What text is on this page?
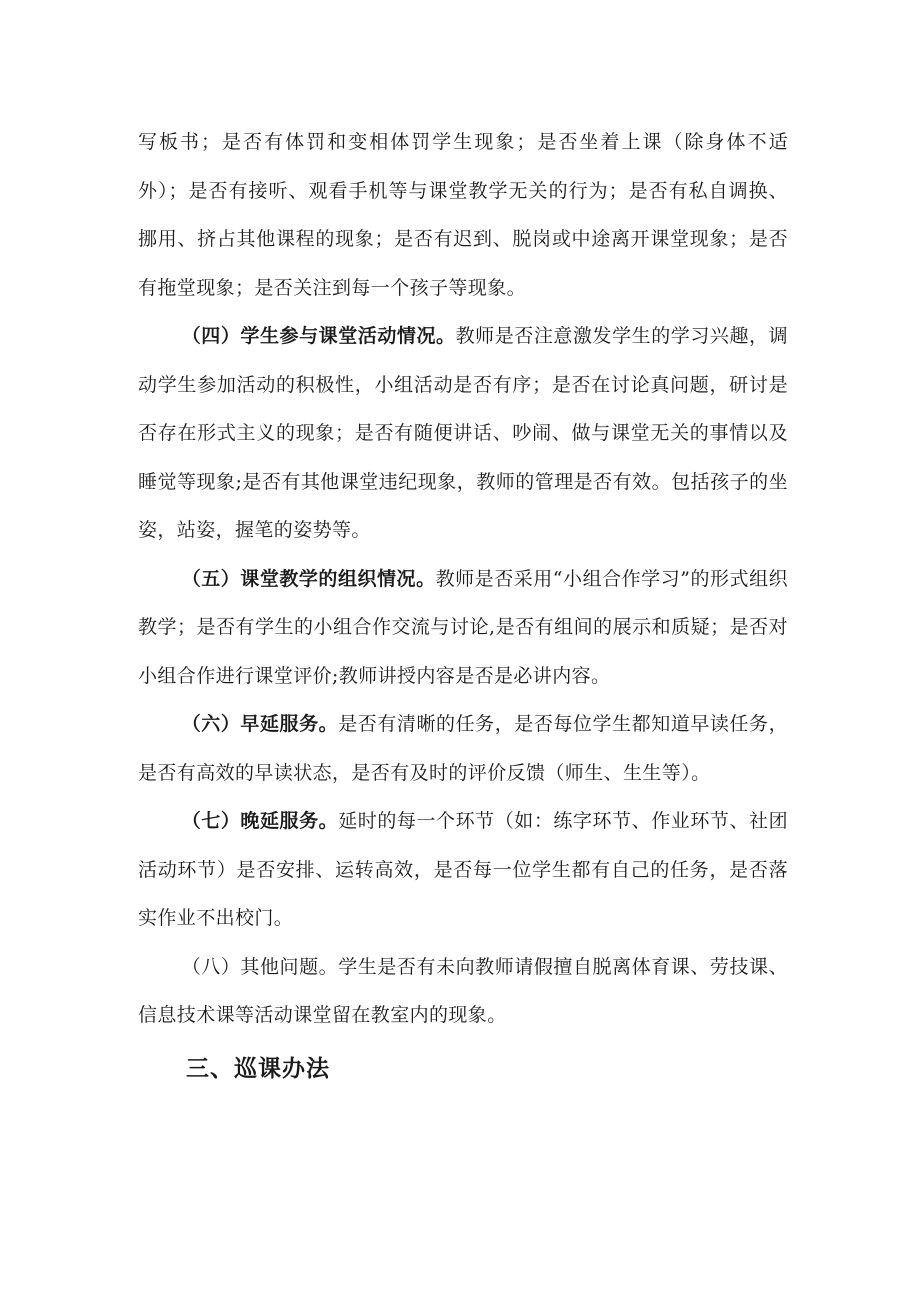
写板书；是否有体罚和变相体罚学生现象；是否坐着上课（除身体不适外）；是否有接听、观看手机等与课堂教学无关的行为；是否有私自调换、挪用、挤占其他课程的现象；是否有迟到、脱岗或中途离开课堂现象；是否有拖堂现象；是否关注到每一个孩子等现象。

（四）学生参与课堂活动情况。教师是否注意激发学生的学习兴趣，调动学生参加活动的积极性，小组活动是否有序；是否在讨论真问题，研讨是否存在形式主义的现象；是否有随便讲话、吵闹、做与课堂无关的事情以及睡觉等现象;是否有其他课堂违纪现象，教师的管理是否有效。包括孩子的坐姿，站姿，握笔的姿势等。

（五）课堂教学的组织情况。教师是否采用“小组合作学习”的形式组织教学；是否有学生的小组合作交流与讨论,是否有组间的展示和质疑；是否对小组合作进行课堂评价;教师讲授内容是否是必讲内容。

（六）早延服务。是否有清晰的任务，是否每位学生都知道早读任务，是否有高效的早读状态，是否有及时的评价反馈（师生、生生等）。

（七）晚延服务。延时的每一个环节（如：练字环节、作业环节、社团活动环节）是否安排、运转高效，是否每一位学生都有自己的任务，是否落实作业不出校门。

（八）其他问题。学生是否有未向教师请假擅自脱离体育课、劳技课、信息技术课等活动课堂留在教室内的现象。

三、巡课办法
